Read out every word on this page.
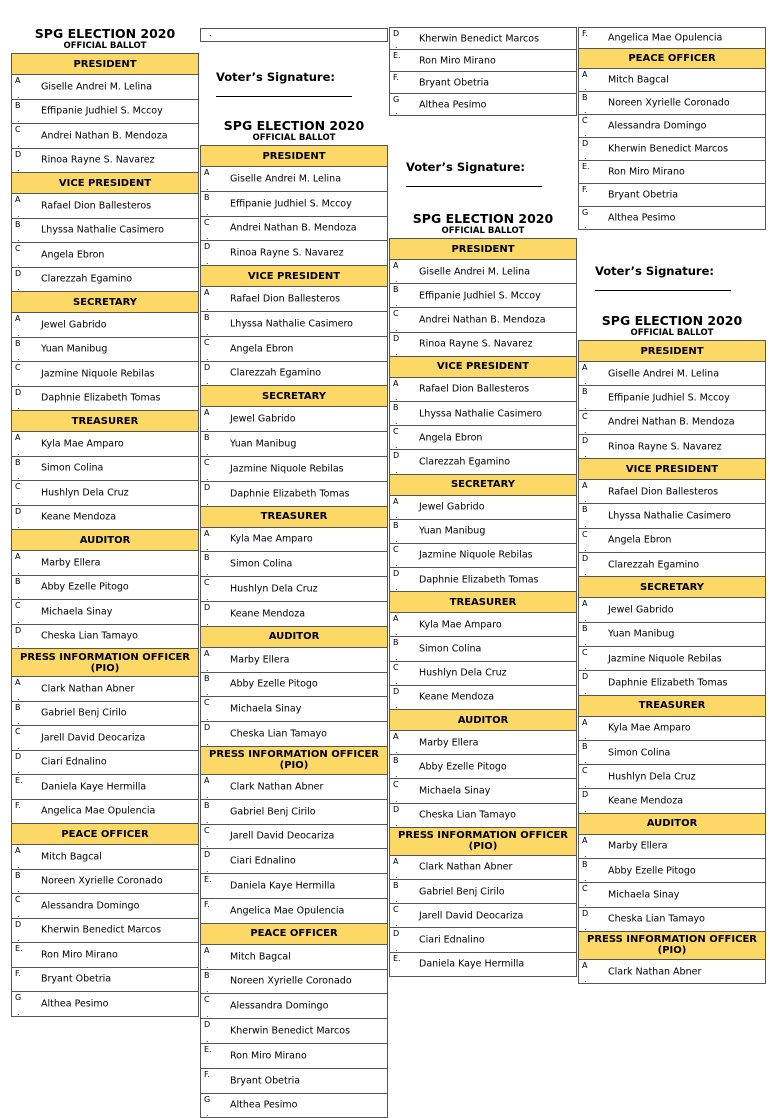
SPG ELECTION 2020
OFFICIAL BALLOT
PRESIDENT

A
.
Giselle Andrei M. Lelina

B
.
Effipanie Judhiel S. Mccoy

C
.
Andrei Nathan B. Mendoza

D
.
Rinoa Rayne S. Navarez

VICE PRESIDENT

A
.
Rafael Dion Ballesteros

B
.
Lhyssa Nathalie Casimero

C
.
Angela Ebron

D
.
Clarezzah Egamino

SECRETARY

A
.
Jewel Gabrido

B
.
Yuan Manibug

C
.
Jazmine Niquole Rebilas

D
.
Daphnie Elizabeth Tomas

TREASURER

A
.
Kyla Mae Amparo

B
.
Simon Colina

C
.
Hushlyn Dela Cruz

D
.
Keane Mendoza

AUDITOR

A
.
Marby Ellera

B
.
Abby Ezelle Pitogo

C
.
Michaela Sinay

D
.
Cheska Lian Tamayo

PRESS INFORMATION OFFICER (PIO)

A
.
Clark Nathan Abner

B
.
Gabriel Benj Cirilo

C
.
Jarell David Deocariza

D
.
Ciari Ednalino

E.
Daniela Kaye Hermilla

F.
Angelica Mae Opulencia

PEACE OFFICER

A
.
Mitch Bagcal

B
.
Noreen Xyrielle Coronado

C
.
Alessandra Domingo

D
.
Kherwin Benedict Marcos

E.
Ron Miro Mirano

F.
Bryant Obetria

G
.
Althea Pesimo
.
Voter’s Signature:
SPG ELECTION 2020
OFFICIAL BALLOT
PRESIDENT

A
.
Giselle Andrei M. Lelina

B
.
Effipanie Judhiel S. Mccoy

C
.
Andrei Nathan B. Mendoza

D
.
Rinoa Rayne S. Navarez

VICE PRESIDENT

A
.
Rafael Dion Ballesteros

B
.
Lhyssa Nathalie Casimero

C
.
Angela Ebron

D
.
Clarezzah Egamino

SECRETARY

A
.
Jewel Gabrido

B
.
Yuan Manibug

C
.
Jazmine Niquole Rebilas

D
.
Daphnie Elizabeth Tomas

TREASURER

A
.
Kyla Mae Amparo

B
.
Simon Colina

C
.
Hushlyn Dela Cruz

D
.
Keane Mendoza

AUDITOR

A
.
Marby Ellera

B
.
Abby Ezelle Pitogo

C
.
Michaela Sinay

D
.
Cheska Lian Tamayo

PRESS INFORMATION OFFICER (PIO)

A
.
Clark Nathan Abner

B
.
Gabriel Benj Cirilo

C
.
Jarell David Deocariza

D
.
Ciari Ednalino

E.
Daniela Kaye Hermilla

F.
Angelica Mae Opulencia

PEACE OFFICER

A
.
Mitch Bagcal

B
.
Noreen Xyrielle Coronado

C
.
Alessandra Domingo

D
.
Kherwin Benedict Marcos

E.
Ron Miro Mirano

F.
Bryant Obetria

G
.
Althea Pesimo
D
.
Kherwin Benedict Marcos

E. Ron Miro Mirano

F. Bryant Obetria

G
.
Althea Pesimo
Voter’s Signature:
SPG ELECTION 2020
OFFICIAL BALLOT
PRESIDENT

A
.
Giselle Andrei M. Lelina

B
.
Effipanie Judhiel S. Mccoy

C
.
Andrei Nathan B. Mendoza

D
.
Rinoa Rayne S. Navarez

VICE PRESIDENT

A
.
Rafael Dion Ballesteros

B
.
Lhyssa Nathalie Casimero

C
.
Angela Ebron

D
.
Clarezzah Egamino

SECRETARY

A
.
Jewel Gabrido

B
.
Yuan Manibug

C
.
Jazmine Niquole Rebilas

D
.
Daphnie Elizabeth Tomas

TREASURER

A
.
Kyla Mae Amparo

B
.
Simon Colina

C
.
Hushlyn Dela Cruz

D
.
Keane Mendoza

AUDITOR

A
.
Marby Ellera

B
.
Abby Ezelle Pitogo

C
.
Michaela Sinay

D
.
Cheska Lian Tamayo

PRESS INFORMATION OFFICER (PIO)

A
.
Clark Nathan Abner

B
.
Gabriel Benj Cirilo

C
.
Jarell David Deocariza

D
.
Ciari Ednalino

E.
Daniela Kaye Hermilla
F. Angelica Mae Opulencia

PEACE OFFICER

A
.
Mitch Bagcal

B
.
Noreen Xyrielle Coronado

C
.
Alessandra Domingo

D
.
Kherwin Benedict Marcos

E. Ron Miro Mirano

F. Bryant Obetria

G
.
Althea Pesimo
Voter’s Signature:
SPG ELECTION 2020
OFFICIAL BALLOT
PRESIDENT

A
.
Giselle Andrei M. Lelina

B
.
Effipanie Judhiel S. Mccoy

C
.
Andrei Nathan B. Mendoza

D
.
Rinoa Rayne S. Navarez

VICE PRESIDENT

A
.
Rafael Dion Ballesteros

B
.
Lhyssa Nathalie Casimero

C
.
Angela Ebron

D
.
Clarezzah Egamino

SECRETARY

A
.
Jewel Gabrido

B
.
Yuan Manibug

C
.
Jazmine Niquole Rebilas

D
.
Daphnie Elizabeth Tomas

TREASURER

A
.
Kyla Mae Amparo

B
.
Simon Colina

C
.
Hushlyn Dela Cruz

D
.
Keane Mendoza

AUDITOR

A
.
Marby Ellera

B
.
Abby Ezelle Pitogo

C
.
Michaela Sinay

D
.
Cheska Lian Tamayo

PRESS INFORMATION OFFICER (PIO)

A
.
Clark Nathan Abner
